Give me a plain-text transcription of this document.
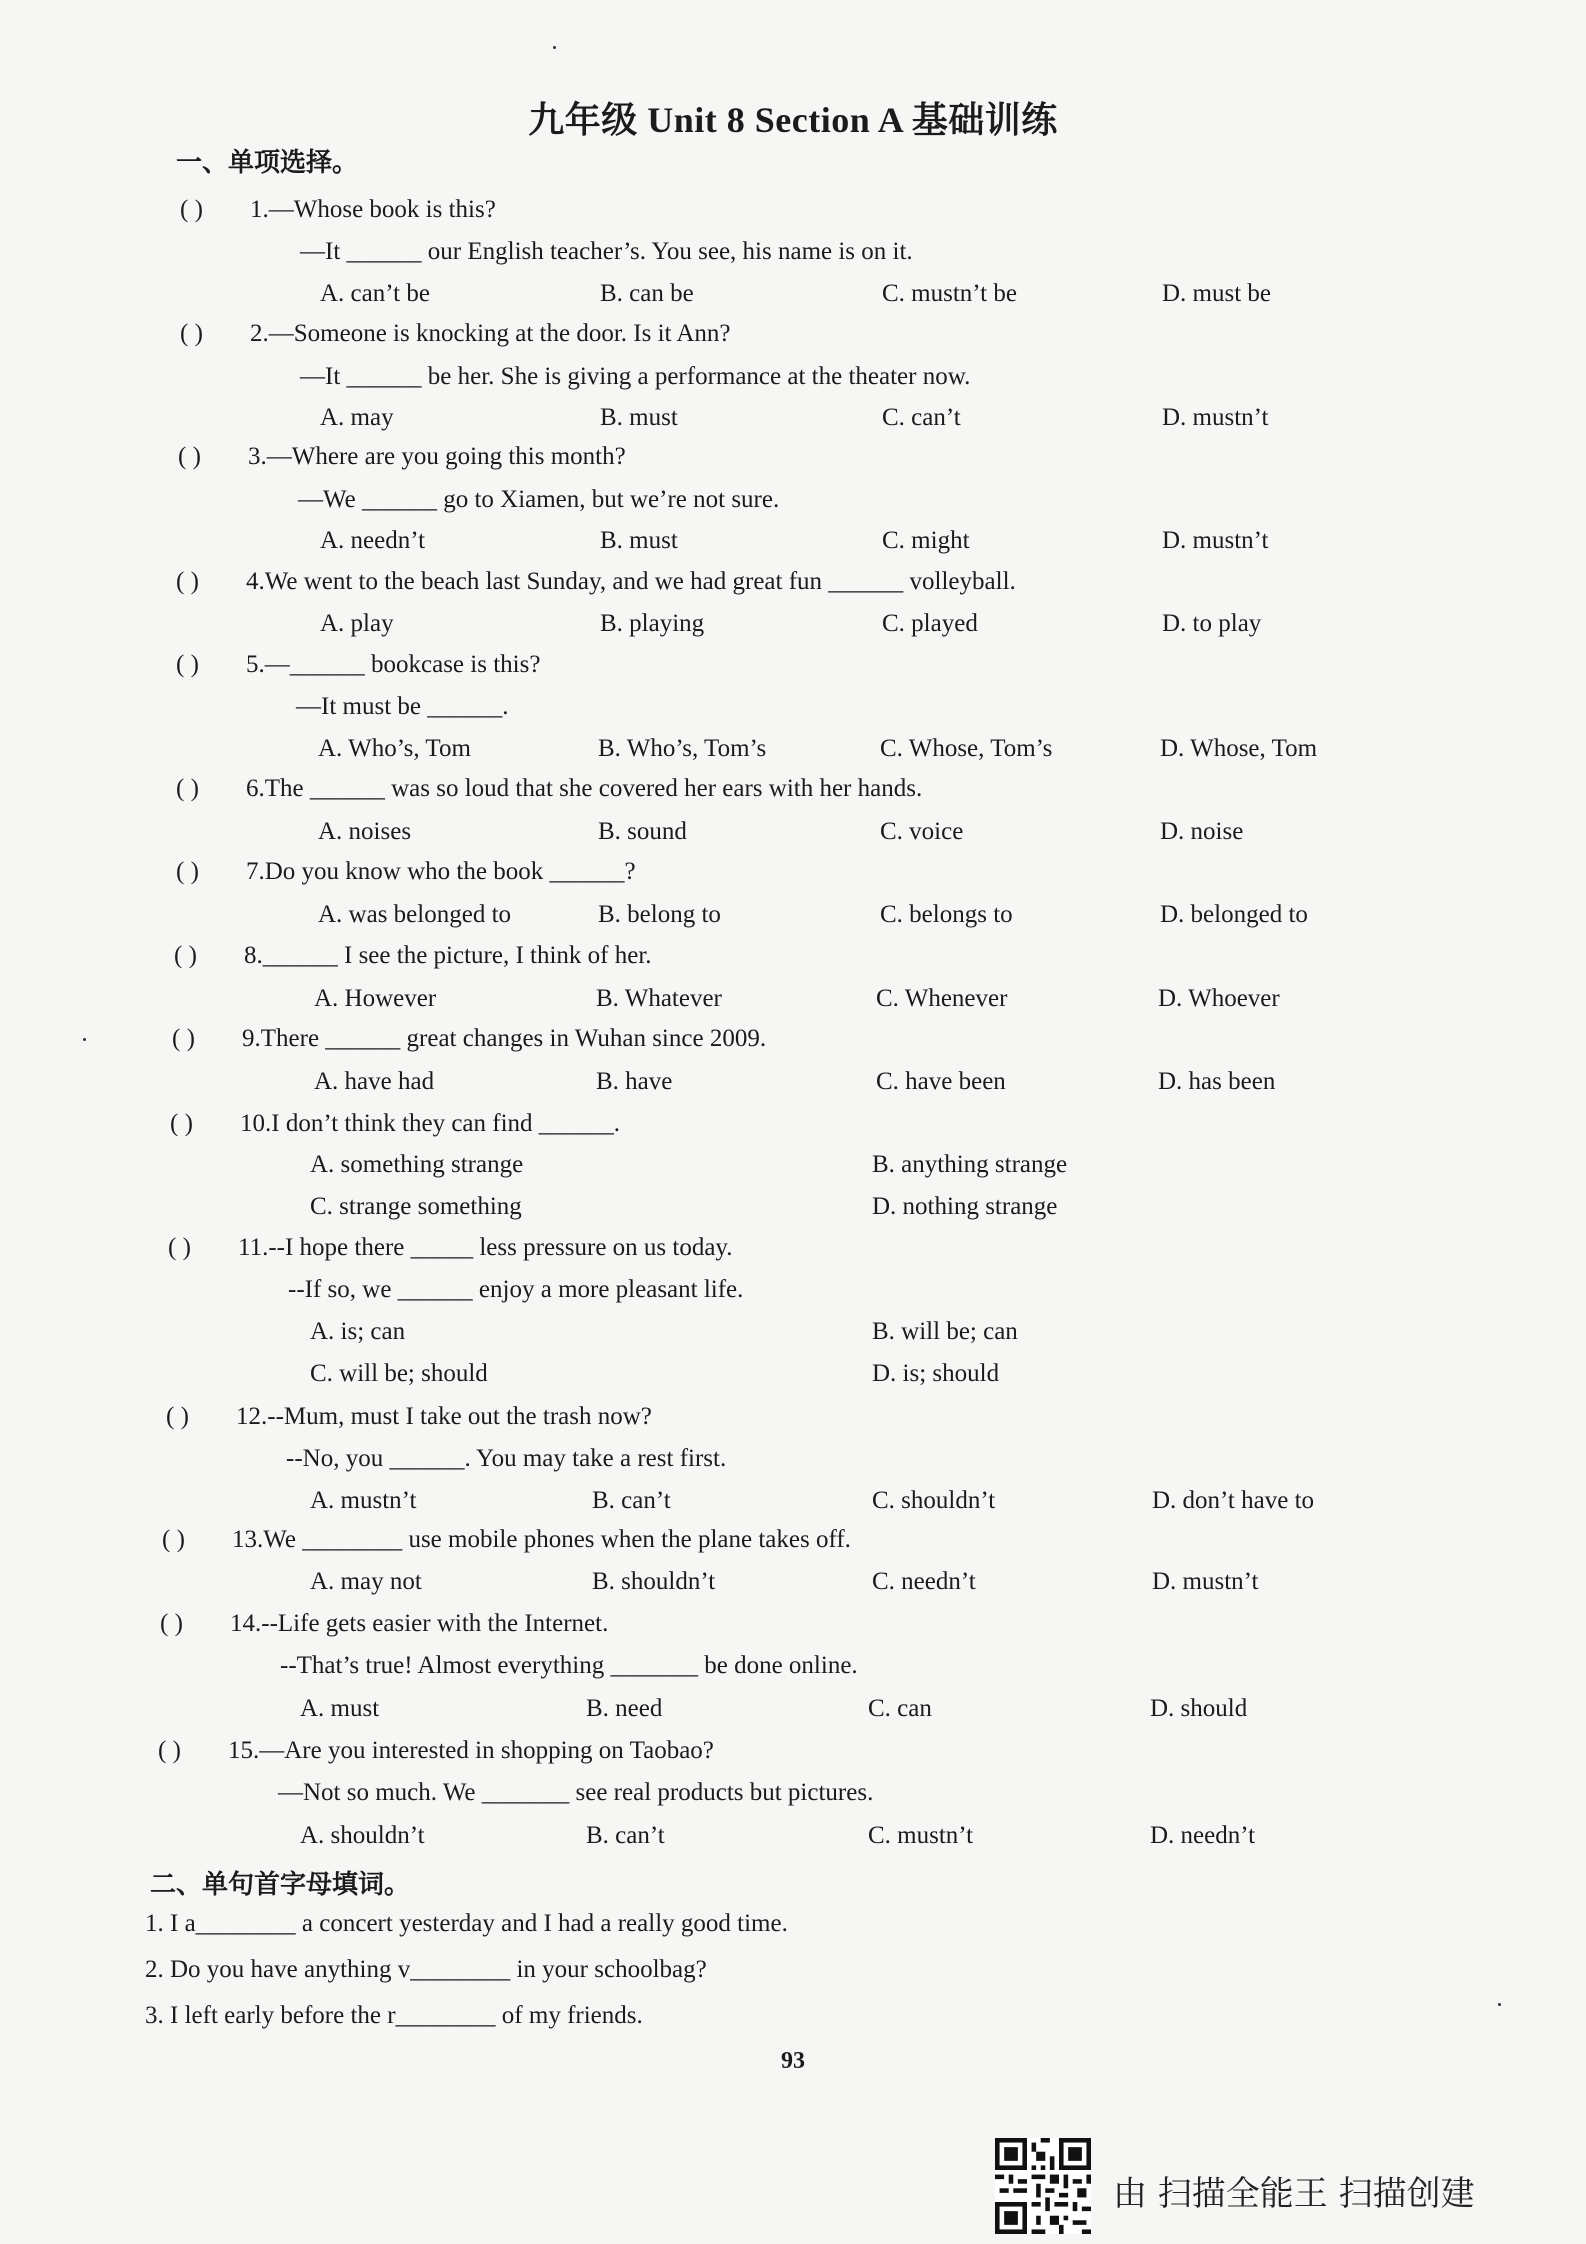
九年级 Unit 8 Section A 基础训练
一、单项选择。
( ) 1.—Whose book is this?
—It ______ our English teacher’s. You see, his name is on it.
A. can’t be	B. can be	C. mustn’t be	D. must be
( ) 2.—Someone is knocking at the door. Is it Ann?
—It ______ be her. She is giving a performance at the theater now.
A. may	B. must	C. can’t	D. mustn’t
( ) 3.—Where are you going this month?
—We ______ go to Xiamen, but we’re not sure.
A. needn’t	B. must	C. might	D. mustn’t
( ) 4.We went to the beach last Sunday, and we had great fun ______ volleyball.
A. play	B. playing	C. played	D. to play
( ) 5.—______ bookcase is this?
—It must be ______.
A. Who’s, Tom	B. Who’s, Tom’s	C. Whose, Tom’s	D. Whose, Tom
( ) 6.The ______ was so loud that she covered her ears with her hands.
A. noises	B. sound	C. voice	D. noise
( ) 7.Do you know who the book ______?
A. was belonged to	B. belong to	C. belongs to	D. belonged to
( ) 8.______ I see the picture, I think of her.
A. However	B. Whatever	C. Whenever	D. Whoever
( ) 9.There ______ great changes in Wuhan since 2009.
A. have had	B. have	C. have been	D. has been
( ) 10.I don’t think they can find ______.
A. something strange	B. anything strange
C. strange something	D. nothing strange
( ) 11.--I hope there _____ less pressure on us today.
--If so, we ______ enjoy a more pleasant life.
A. is; can	B. will be; can
C. will be; should	D. is; should
( ) 12.--Mum, must I take out the trash now?
--No, you ______. You may take a rest first.
A. mustn’t	B. can’t	C. shouldn’t	D. don’t have to
( ) 13.We ________ use mobile phones when the plane takes off.
A. may not	B. shouldn’t	C. needn’t	D. mustn’t
( ) 14.--Life gets easier with the Internet.
--That’s true! Almost everything _______ be done online.
A. must	B. need	C. can	D. should
( ) 15.—Are you interested in shopping on Taobao?
—Not so much. We _______ see real products but pictures.
A. shouldn’t	B. can’t	C. mustn’t	D. needn’t
二、单句首字母填词。
1. I a________ a concert yesterday and I had a really good time.
2. Do you have anything v________ in your schoolbag?
3. I left early before the r________ of my friends.
93
由 扫描全能王 扫描创建
